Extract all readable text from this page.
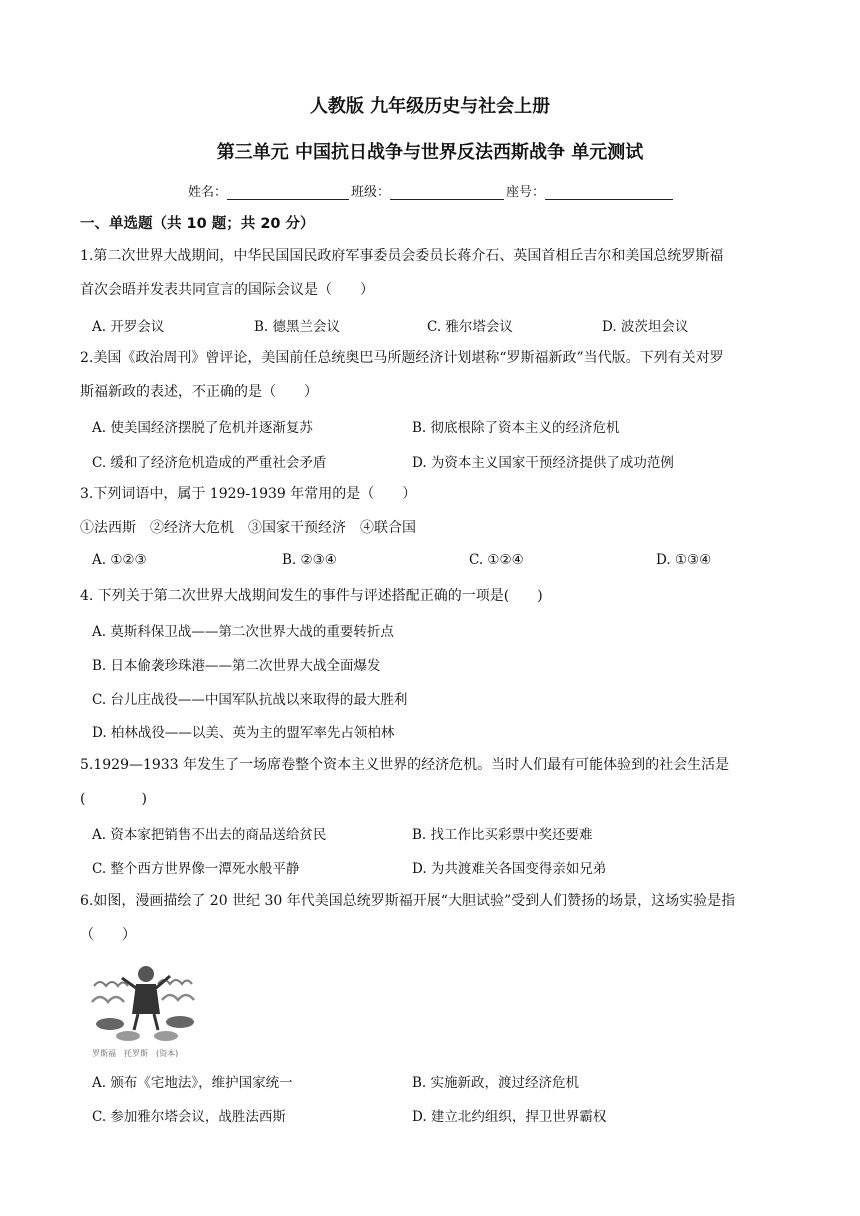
人教版 九年级历史与社会上册
第三单元 中国抗日战争与世界反法西斯战争 单元测试
姓名：	班级：	座号：
一、单选题（共 10 题；共 20 分）
1.第二次世界大战期间，中华民国国民政府军事委员会委员长蒋介石、英国首相丘吉尔和美国总统罗斯福
首次会晤并发表共同宣言的国际会议是（　　）
A. 开罗会议	B. 德黑兰会议	C. 雅尔塔会议	D. 波茨坦会议
2.美国《政治周刊》曾评论，美国前任总统奥巴马所题经济计划堪称“罗斯福新政”当代版。下列有关对罗
斯福新政的表述，不正确的是（　　）
A. 使美国经济摆脱了危机并逐渐复苏	B. 彻底根除了资本主义的经济危机
C. 缓和了经济危机造成的严重社会矛盾	D. 为资本主义国家干预经济提供了成功范例
3.下列词语中，属于 1929-1939 年常用的是（　　）
①法西斯　②经济大危机　③国家干预经济　④联合国
A. ①②③	B. ②③④	C. ①②④	D. ①③④
4. 下列关于第二次世界大战期间发生的事件与评述搭配正确的一项是(　　)
A. 莫斯科保卫战——第二次世界大战的重要转折点
B. 日本偷袭珍珠港——第二次世界大战全面爆发
C. 台儿庄战役——中国军队抗战以来取得的最大胜利
D. 柏林战役——以美、英为主的盟军率先占领柏林
5.1929—1933 年发生了一场席卷整个资本主义世界的经济危机。当时人们最有可能体验到的社会生活是
(　　　　)
A. 资本家把销售不出去的商品送给贫民	B. 找工作比买彩票中奖还要难
C. 整个西方世界像一潭死水般平静	D. 为共渡难关各国变得亲如兄弟
6.如图，漫画描绘了 20 世纪 30 年代美国总统罗斯福开展“大胆试验”受到人们赞扬的场景，这场实验是指
（　　）
罗斯福　托罗斯　(资本)
A. 颁布《宅地法》，维护国家统一	B. 实施新政，渡过经济危机
C. 参加雅尔塔会议，战胜法西斯	D. 建立北约组织，捍卫世界霸权
